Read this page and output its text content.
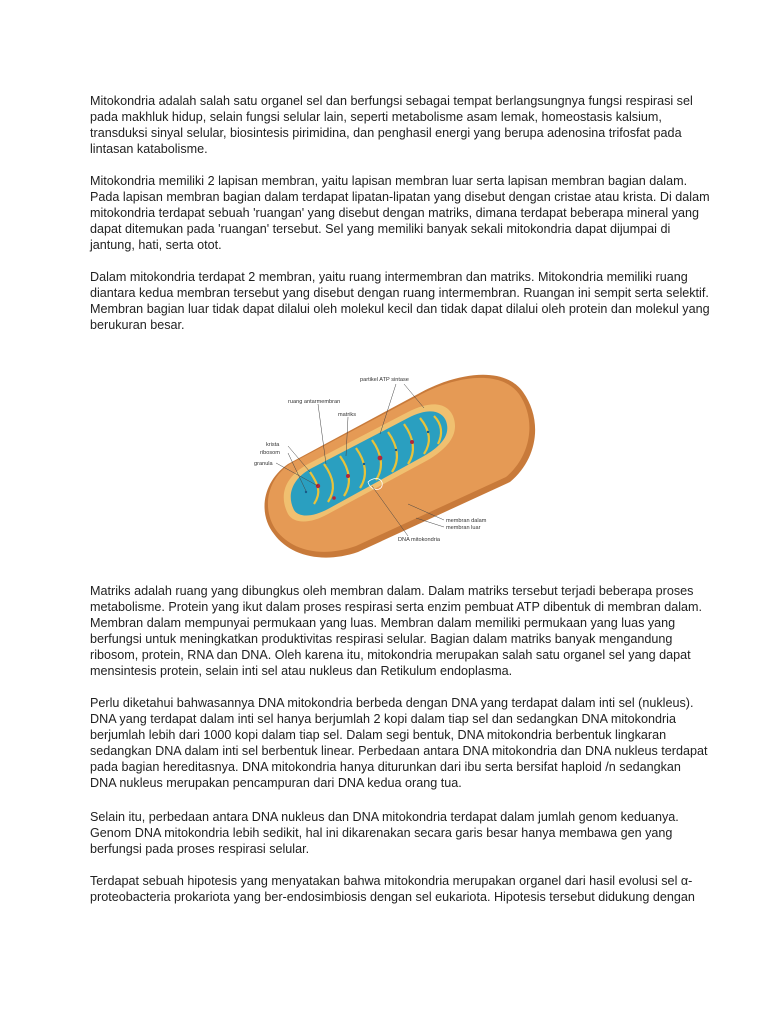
Mitokondria adalah salah satu organel sel dan berfungsi sebagai tempat berlangsungnya fungsi respirasi sel
pada makhluk hidup, selain fungsi selular lain, seperti metabolisme asam lemak, homeostasis kalsium,
transduksi sinyal selular, biosintesis pirimidina, dan penghasil energi yang berupa adenosina trifosfat pada
lintasan katabolisme.

Mitokondria memiliki 2 lapisan membran, yaitu lapisan membran luar serta lapisan membran bagian dalam.
Pada lapisan membran bagian dalam terdapat lipatan-lipatan yang disebut dengan cristae atau krista. Di dalam
mitokondria terdapat sebuah 'ruangan' yang disebut dengan matriks, dimana terdapat beberapa mineral yang
dapat ditemukan pada 'ruangan' tersebut. Sel yang memiliki banyak sekali mitokondria dapat dijumpai di
jantung, hati, serta otot.

Dalam mitokondria terdapat 2 membran, yaitu ruang intermembran dan matriks. Mitokondria memiliki ruang
diantara kedua membran tersebut yang disebut dengan ruang intermembran. Ruangan ini sempit serta selektif.
Membran bagian luar tidak dapat dilalui oleh molekul kecil dan tidak dapat dilalui oleh protein dan molekul yang
berukuran besar.

partikel ATP sintase
ruang antarmembran
matriks
krista
ribosom
granula
membran dalam
membran luar
DNA mitokondria

Matriks adalah ruang yang dibungkus oleh membran dalam. Dalam matriks tersebut terjadi beberapa proses
metabolisme. Protein yang ikut dalam proses respirasi serta enzim pembuat ATP dibentuk di membran dalam.
Membran dalam mempunyai permukaan yang luas. Membran dalam memiliki permukaan yang luas yang
berfungsi untuk meningkatkan produktivitas respirasi selular. Bagian dalam matriks banyak mengandung
ribosom, protein, RNA dan DNA. Oleh karena itu, mitokondria merupakan salah satu organel sel yang dapat
mensintesis protein, selain inti sel atau nukleus dan Retikulum endoplasma.

Perlu diketahui bahwasannya DNA mitokondria berbeda dengan DNA yang terdapat dalam inti sel (nukleus).
DNA yang terdapat dalam inti sel hanya berjumlah 2 kopi dalam tiap sel dan sedangkan DNA mitokondria
berjumlah lebih dari 1000 kopi dalam tiap sel. Dalam segi bentuk, DNA mitokondria berbentuk lingkaran
sedangkan DNA dalam inti sel berbentuk linear. Perbedaan antara DNA mitokondria dan DNA nukleus terdapat
pada bagian hereditasnya. DNA mitokondria hanya diturunkan dari ibu serta bersifat haploid /n sedangkan
DNA nukleus merupakan pencampuran dari DNA kedua orang tua.

Selain itu, perbedaan antara DNA nukleus dan DNA mitokondria terdapat dalam jumlah genom keduanya.
Genom DNA mitokondria lebih sedikit, hal ini dikarenakan secara garis besar hanya membawa gen yang
berfungsi pada proses respirasi selular.

Terdapat sebuah hipotesis yang menyatakan bahwa mitokondria merupakan organel dari hasil evolusi sel α-
proteobacteria prokariota yang ber-endosimbiosis dengan sel eukariota. Hipotesis tersebut didukung dengan
